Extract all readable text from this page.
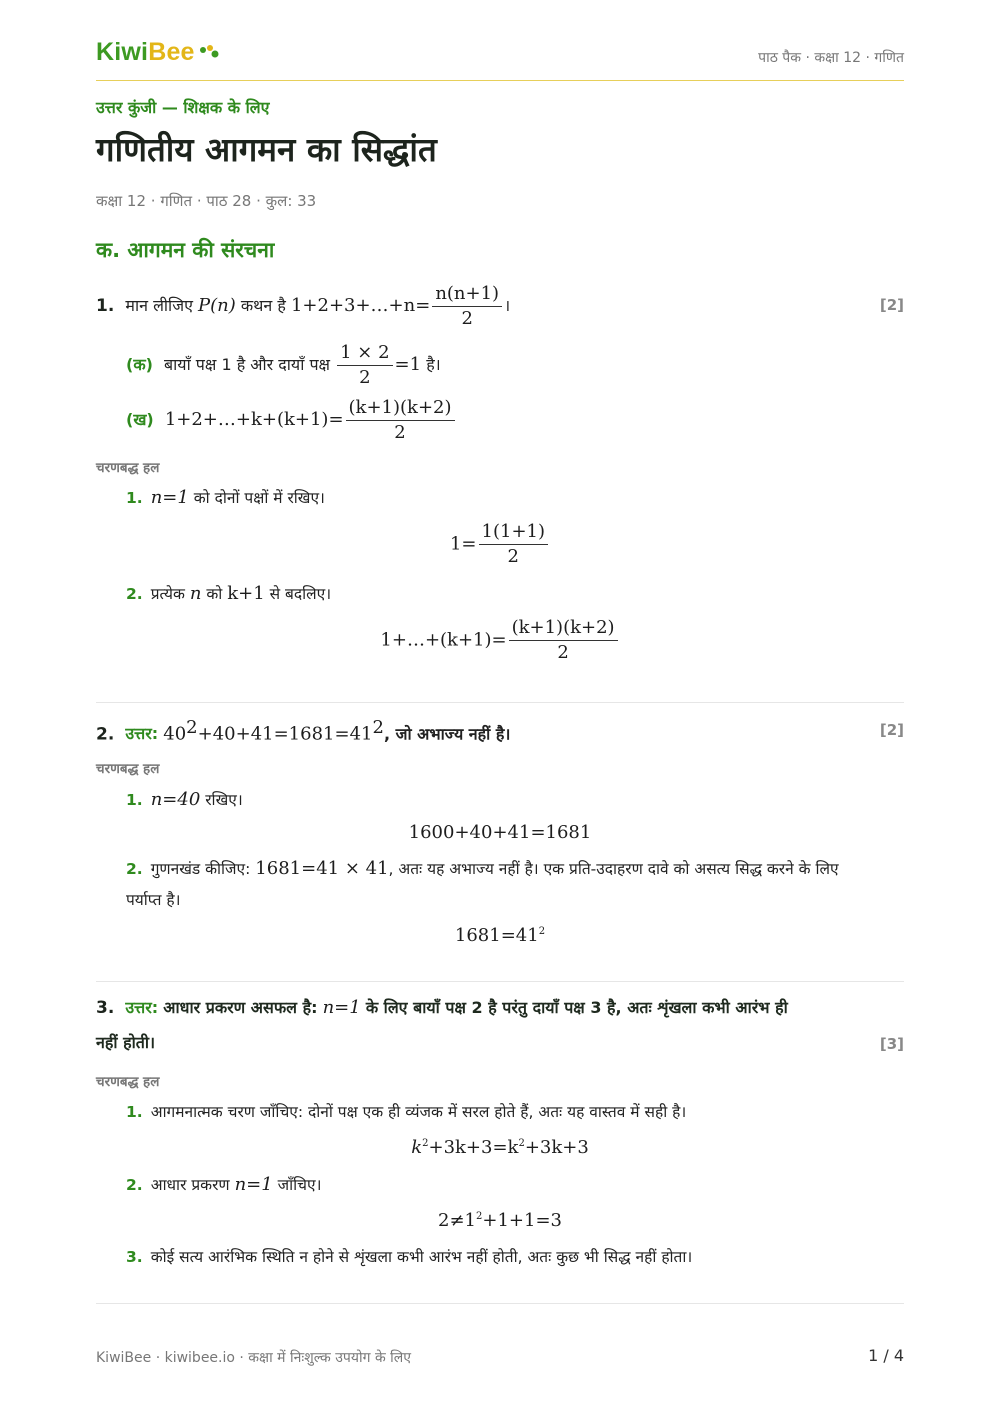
KiwiBee	पाठ पैक · कक्षा 12 · गणित
उत्तर कुंजी — शिक्षक के लिए
गणितीय आगमन का सिद्धांत
कक्षा 12 · गणित · पाठ 28 · कुल: 33
क. आगमन की संरचना
1. मान लीजिए P(n) कथन है 1+2+3+…+n= $\frac{n(n+1)}{2}$ ।	[2]
(क) बायाँ पक्ष 1 है और दायाँ पक्ष $\frac{1 \times 2}{2} =1$ है।
(ख) 1+2+…+k+(k+1)= $\frac{(k+1)(k+2)}{2}$
चरणबद्ध हल
1. n=1 को दोनों पक्षों में रखिए।
$1= \frac{1(1+1)}{2}$
2. प्रत्येक n को k+1 से बदलिए।
1+…+(k+1)= $\frac{(k+1)(k+2)}{2}$
2. उत्तर: $40^2+40+41=1681=41^2$, जो अभाज्य नहीं है।	[2]
चरणबद्ध हल
1. n=40 रखिए।
1600+40+41=1681
2. गुणनखंड कीजिए: 1681=41 × 41, अतः यह अभाज्य नहीं है। एक प्रति-उदाहरण दावे को असत्य सिद्ध करने के लिए
पर्याप्त है।
$1681=41^2$
3. उत्तर: आधार प्रकरण असफल है: n=1 के लिए बायाँ पक्ष 2 है परंतु दायाँ पक्ष 3 है, अतः शृंखला कभी आरंभ ही
नहीं होती।	[3]
चरणबद्ध हल
1. आगमनात्मक चरण जाँचिए: दोनों पक्ष एक ही व्यंजक में सरल होते हैं, अतः यह वास्तव में सही है।
$k^2+3k+3=k^2+3k+3$
2. आधार प्रकरण n=1 जाँचिए।
$2\ne 1^2+1+1=3$
3. कोई सत्य आरंभिक स्थिति न होने से शृंखला कभी आरंभ नहीं होती, अतः कुछ भी सिद्ध नहीं होता।
KiwiBee · kiwibee.io · कक्षा में निःशुल्क उपयोग के लिए	1 / 4
